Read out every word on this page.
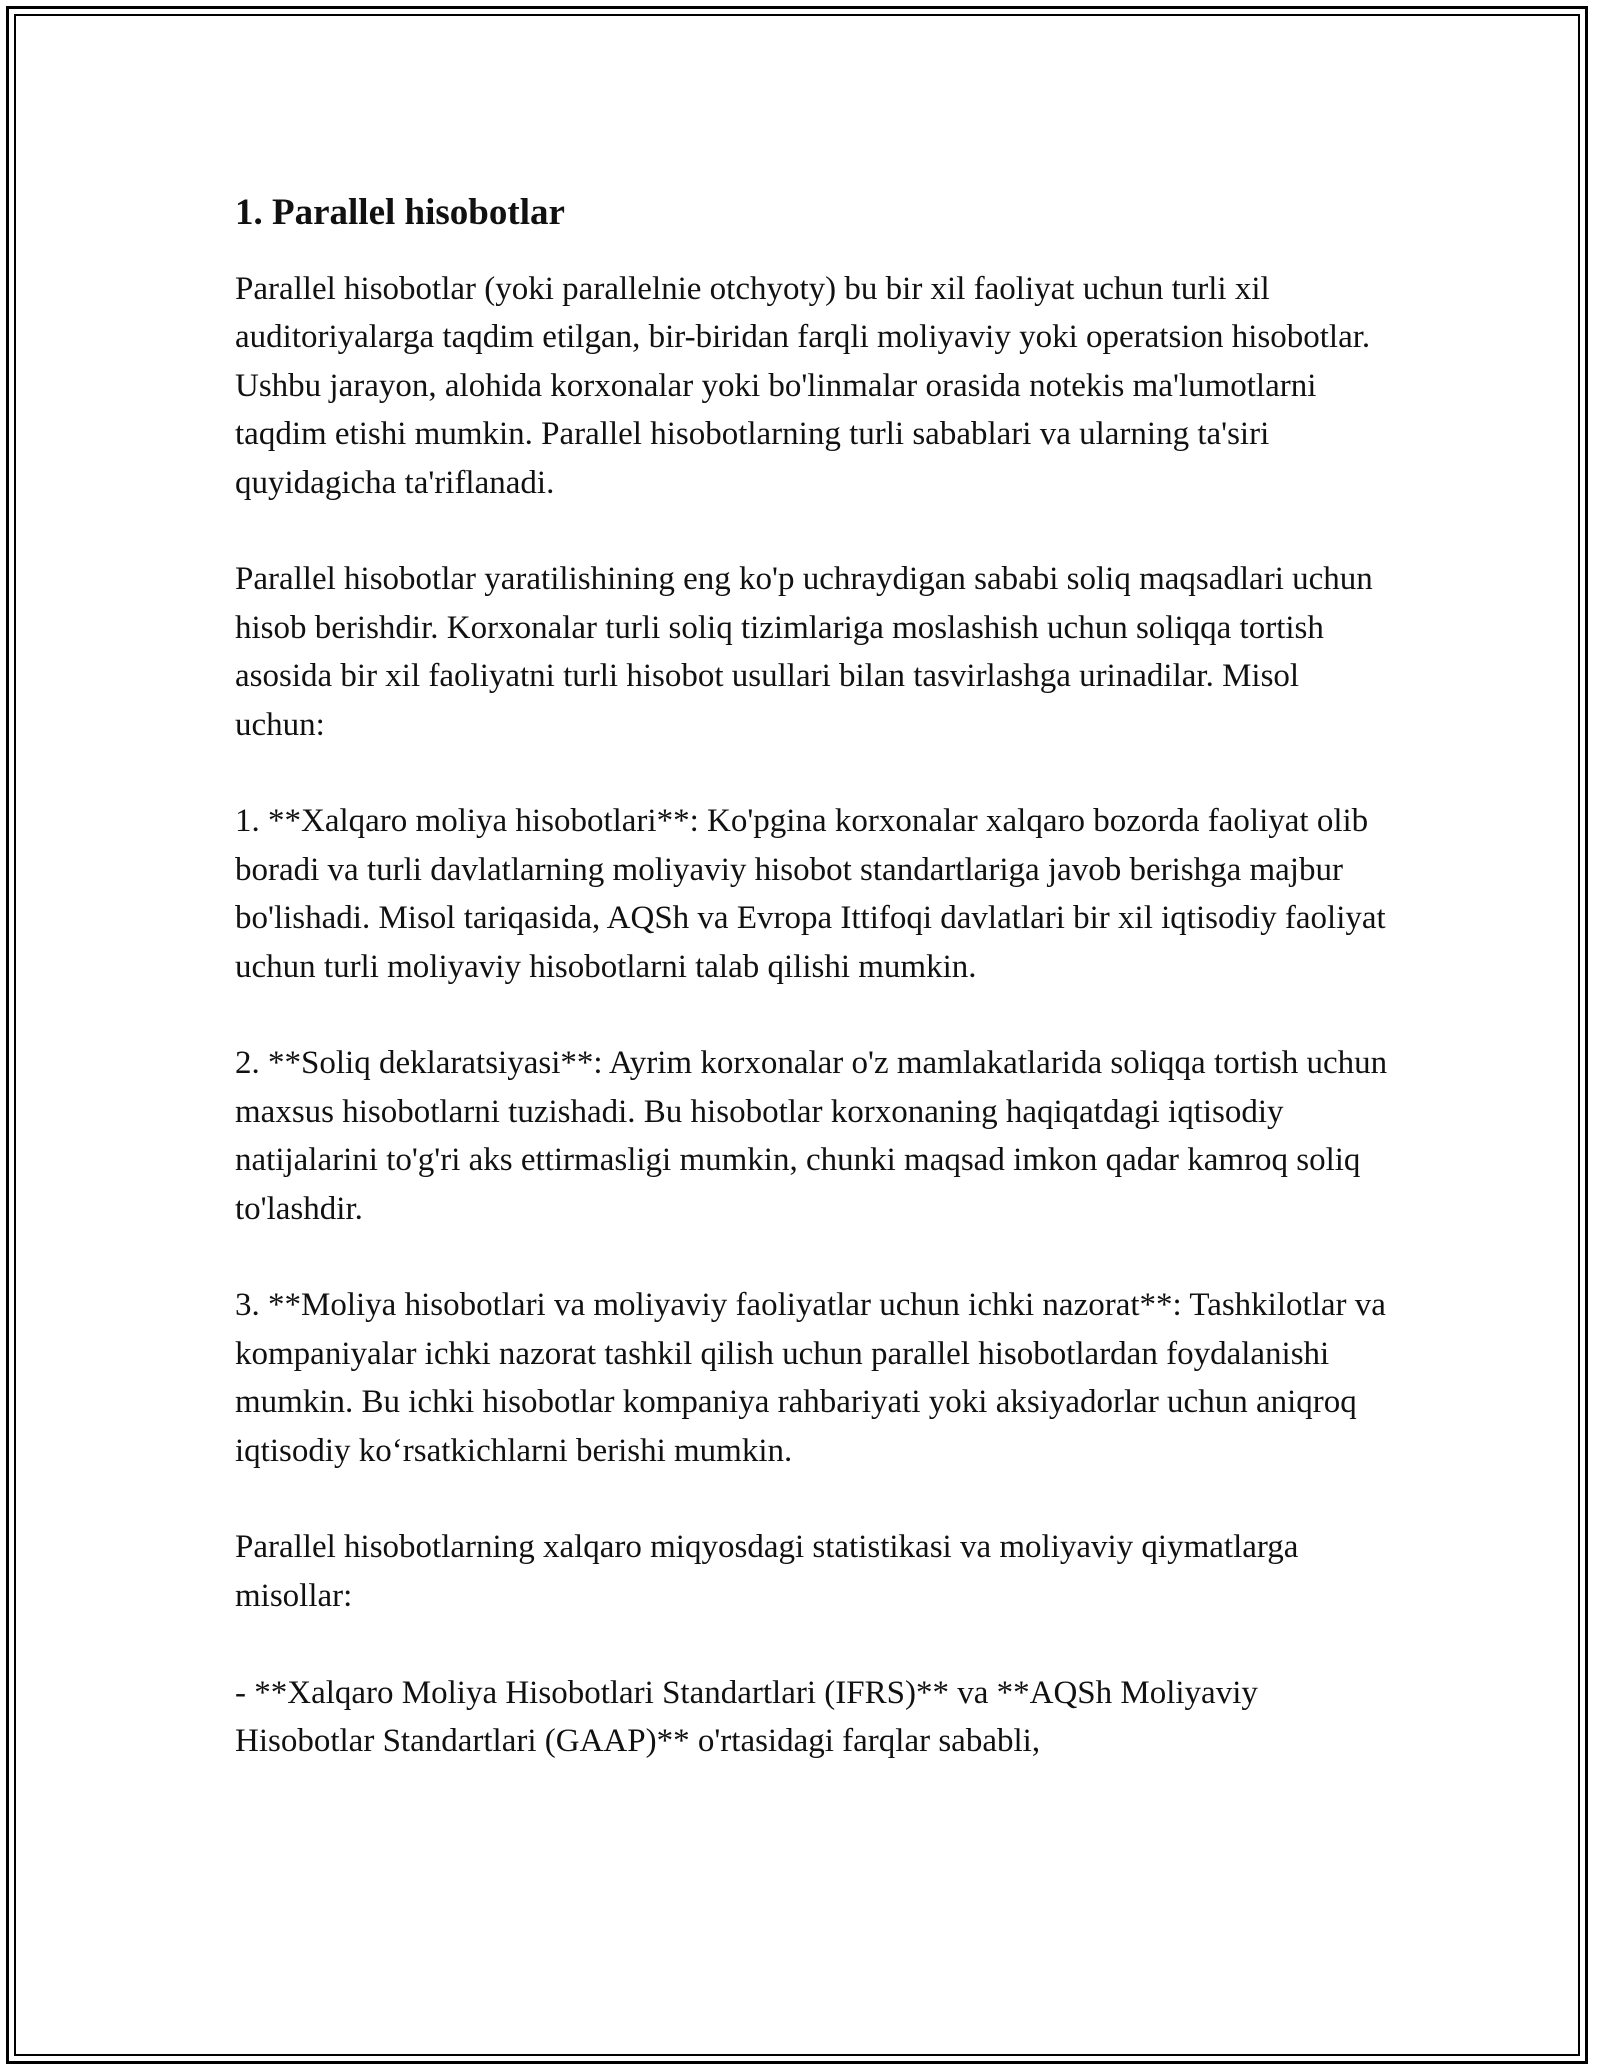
1. Parallel hisobotlar

Parallel hisobotlar (yoki parallelnie otchyoty) bu bir xil faoliyat uchun turli xil auditoriyalarga taqdim etilgan, bir-biridan farqli moliyaviy yoki operatsion hisobotlar. Ushbu jarayon, alohida korxonalar yoki bo'linmalar orasida notekis ma'lumotlarni taqdim etishi mumkin. Parallel hisobotlarning turli sabablari va ularning ta'siri quyidagicha ta'riflanadi.

Parallel hisobotlar yaratilishining eng ko'p uchraydigan sababi soliq maqsadlari uchun hisob berishdir. Korxonalar turli soliq tizimlariga moslashish uchun soliqqa tortish asosida bir xil faoliyatni turli hisobot usullari bilan tasvirlashga urinadilar. Misol uchun:

1. **Xalqaro moliya hisobotlari**: Ko'pgina korxonalar xalqaro bozorda faoliyat olib boradi va turli davlatlarning moliyaviy hisobot standartlariga javob berishga majbur bo'lishadi. Misol tariqasida, AQSh va Evropa Ittifoqi davlatlari bir xil iqtisodiy faoliyat uchun turli moliyaviy hisobotlarni talab qilishi mumkin.

2. **Soliq deklaratsiyasi**: Ayrim korxonalar o'z mamlakatlarida soliqqa tortish uchun maxsus hisobotlarni tuzishadi. Bu hisobotlar korxonaning haqiqatdagi iqtisodiy natijalarini to'g'ri aks ettirmasligi mumkin, chunki maqsad imkon qadar kamroq soliq to'lashdir.

3. **Moliya hisobotlari va moliyaviy faoliyatlar uchun ichki nazorat**: Tashkilotlar va kompaniyalar ichki nazorat tashkil qilish uchun parallel hisobotlardan foydalanishi mumkin. Bu ichki hisobotlar kompaniya rahbariyati yoki aksiyadorlar uchun aniqroq iqtisodiy koʻrsatkichlarni berishi mumkin.

Parallel hisobotlarning xalqaro miqyosdagi statistikasi va moliyaviy qiymatlarga misollar:

- **Xalqaro Moliya Hisobotlari Standartlari (IFRS)** va **AQSh Moliyaviy Hisobotlar Standartlari (GAAP)** o'rtasidagi farqlar sababli,
